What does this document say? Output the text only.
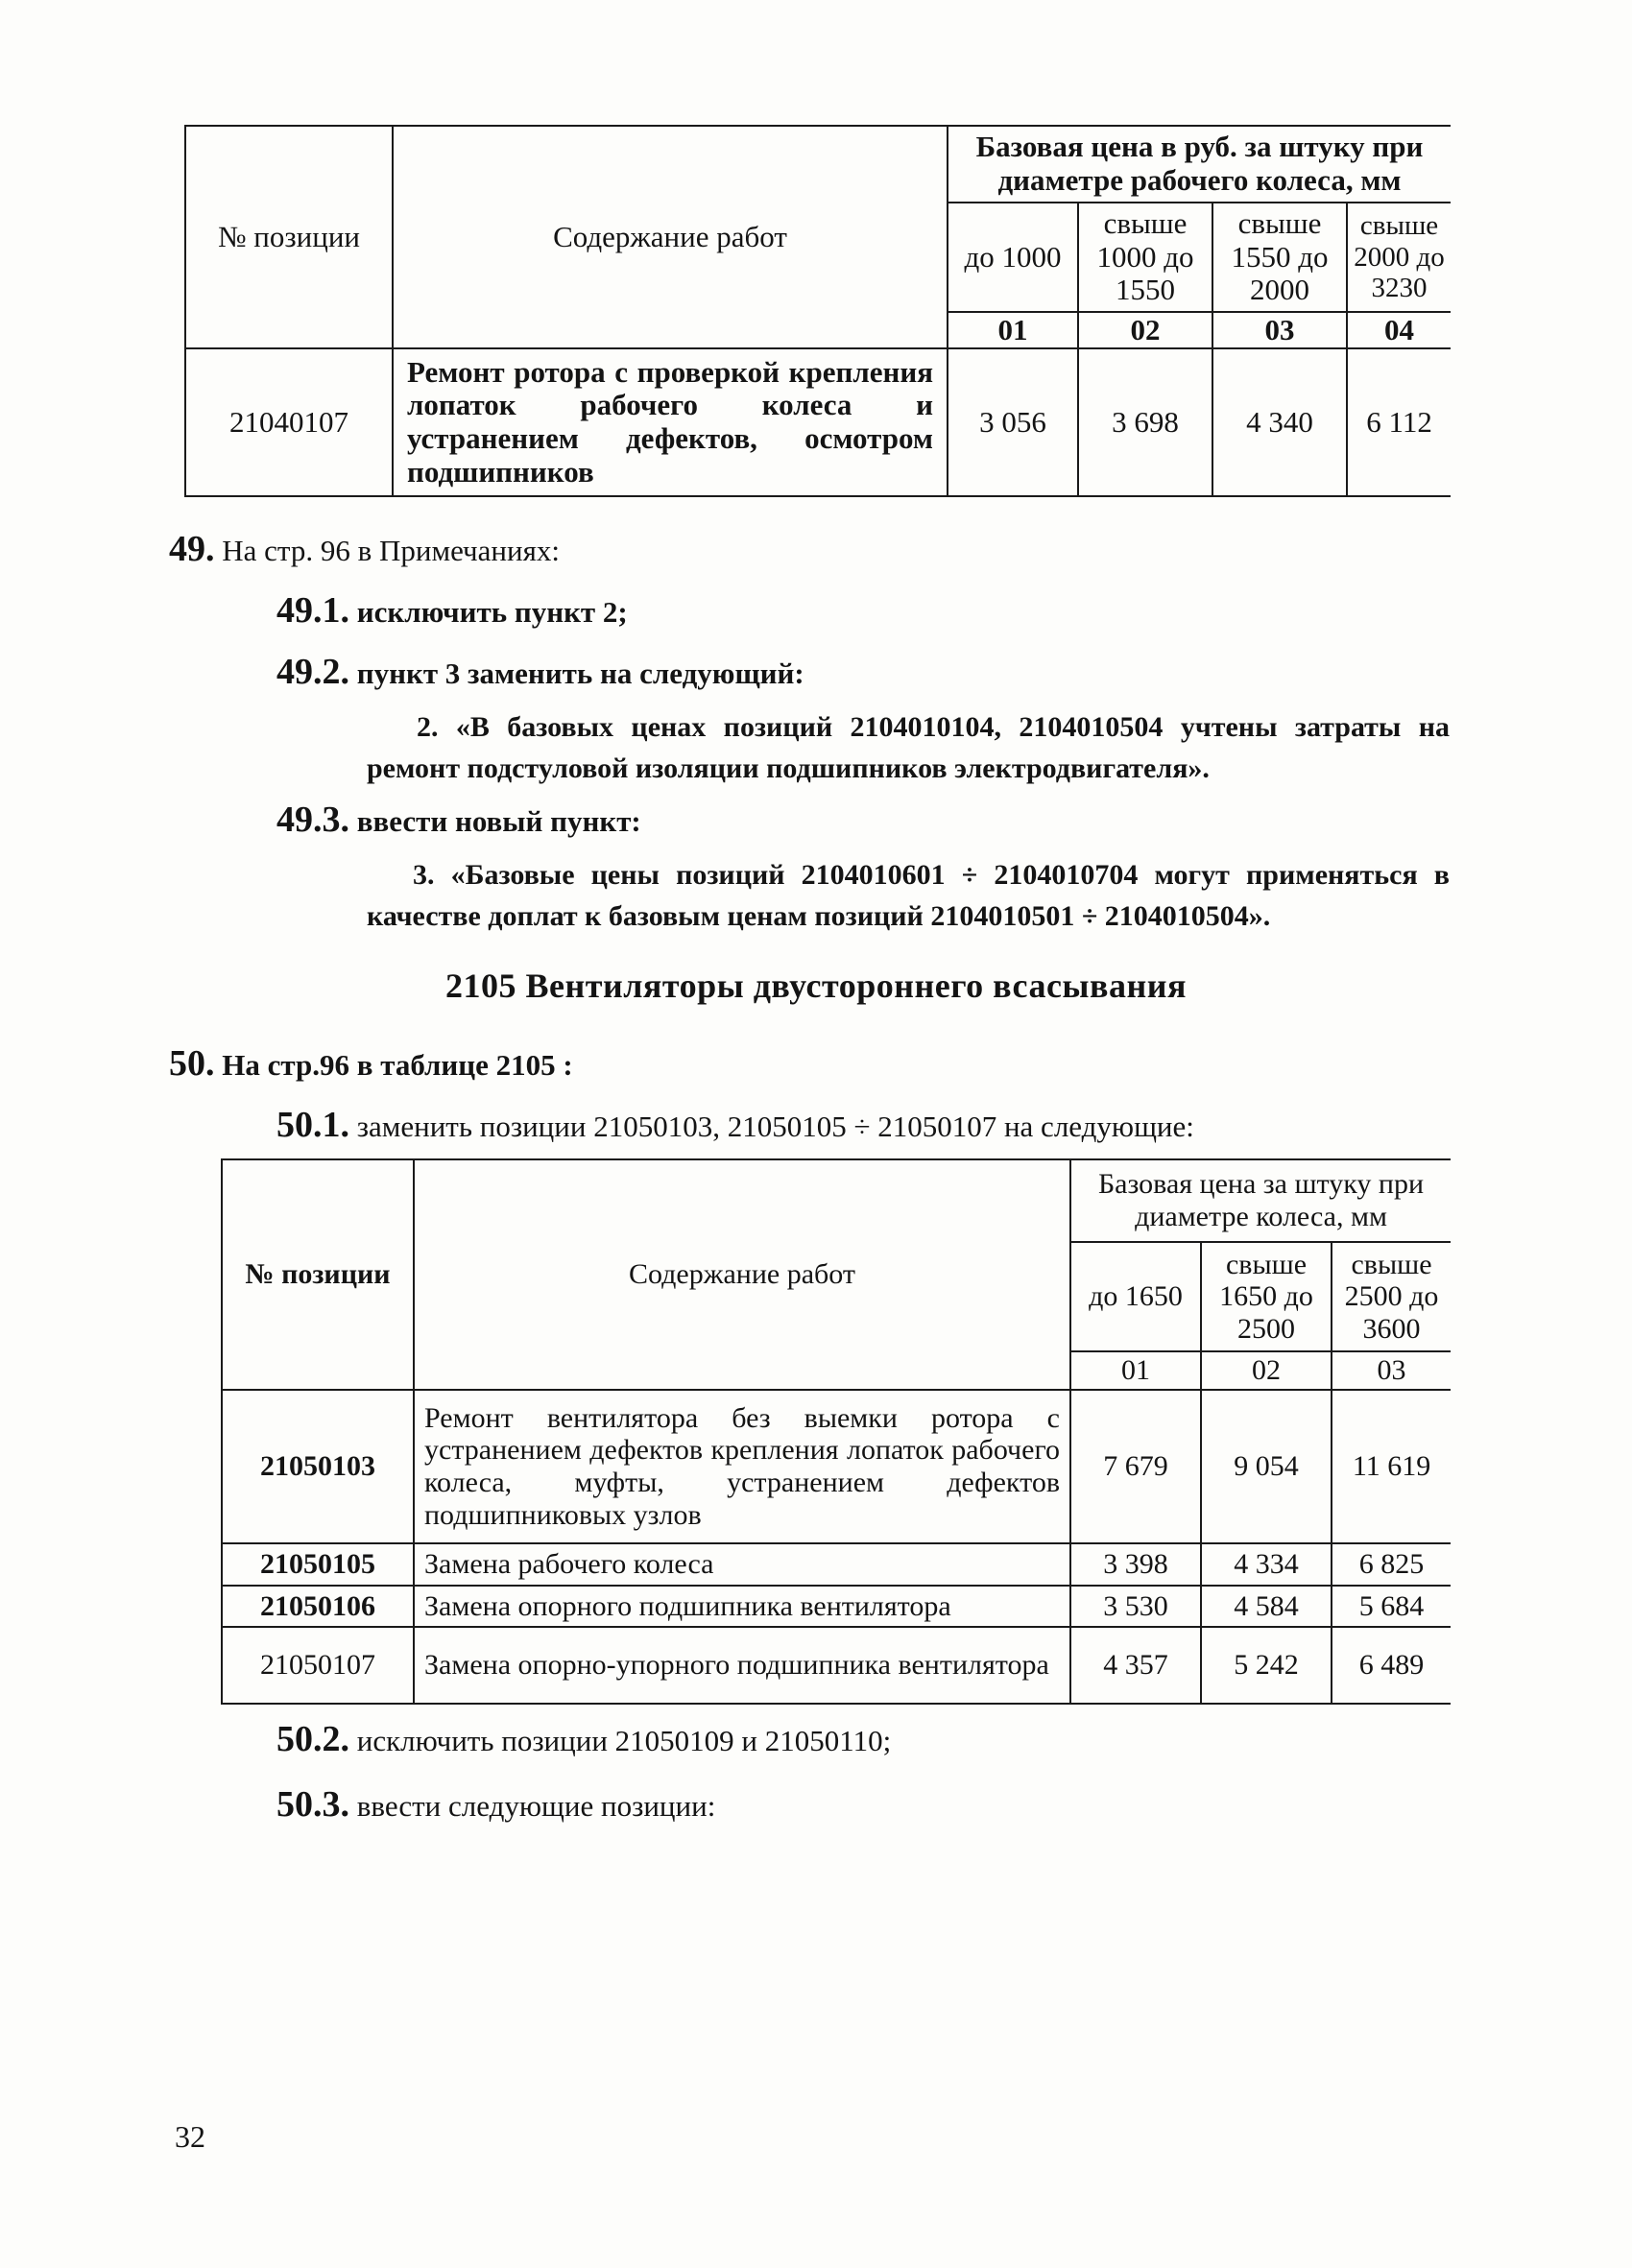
№ позиции	Содержание работ	Базовая цена в руб. за штуку при диаметре рабочего колеса, мм			
		до 1000	свыше 1000 до 1550	свыше 1550 до 2000	свыше 2000 до 3230
		01	02	03	04
21040107	Ремонт ротора с проверкой крепления лопаток рабочего колеса и устранением дефектов, осмотром подшипников	3 056	3 698	4 340	6 112
49. На стр. 96 в Примечаниях:
49.1. исключить пункт 2;
49.2. пункт 3 заменить на следующий:
2. «В базовых ценах позиций 2104010104, 2104010504 учтены затраты на ремонт подстуловой изоляции подшипников электродвигателя».
49.3. ввести новый пункт:
3. «Базовые цены позиций 2104010601 ÷ 2104010704 могут применяться в качестве доплат к базовым ценам позиций 2104010501 ÷ 2104010504».
2105 Вентиляторы двустороннего всасывания
50. На стр.96 в таблице 2105 :
50.1. заменить позиции 21050103, 21050105 ÷ 21050107 на следующие:
№ позиции	Содержание работ	Базовая цена за штуку при диаметре колеса, мм		
		до 1650	свыше 1650 до 2500	свыше 2500 до 3600
		01	02	03
21050103	Ремонт вентилятора без выемки ротора с устранением дефектов крепления лопаток рабочего колеса, муфты, устранением дефектов подшипниковых узлов	7 679	9 054	11 619
21050105	Замена рабочего колеса	3 398	4 334	6 825
21050106	Замена опорного подшипника вентилятора	3 530	4 584	5 684
21050107	Замена опорно-упорного подшипника вентилятора	4 357	5 242	6 489
50.2. исключить позиции 21050109 и 21050110;
50.3. ввести следующие позиции:
32
